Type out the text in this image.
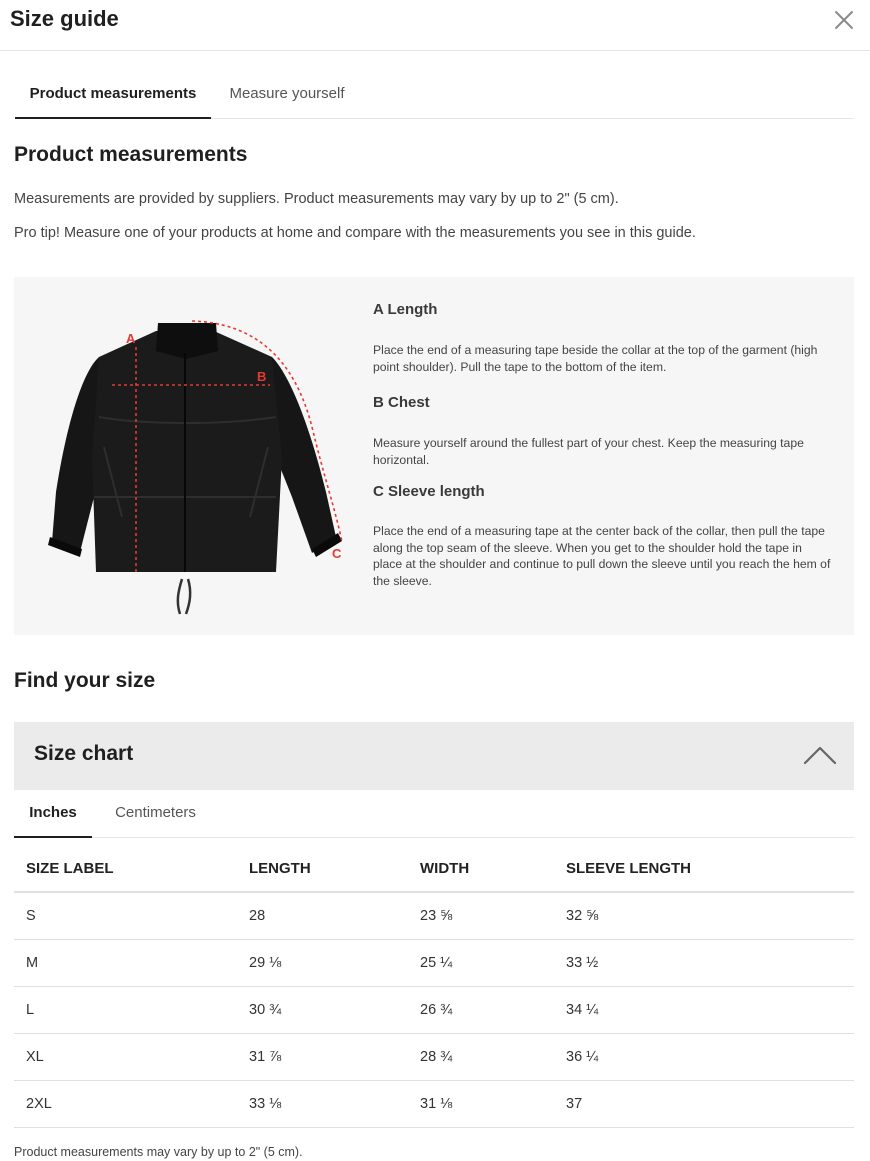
Size guide
Product measurements	Measure yourself
Product measurements
Measurements are provided by suppliers. Product measurements may vary by up to 2" (5 cm).
Pro tip! Measure one of your products at home and compare with the measurements you see in this guide.
A
B
C
A Length
Place the end of a measuring tape beside the collar at the top of the garment (high point shoulder). Pull the tape to the bottom of the item.
B Chest
Measure yourself around the fullest part of your chest. Keep the measuring tape horizontal.
C Sleeve length
Place the end of a measuring tape at the center back of the collar, then pull the tape along the top seam of the sleeve. When you get to the shoulder hold the tape in place at the shoulder and continue to pull down the sleeve until you reach the hem of the sleeve.
Find your size
Size chart
Inches	Centimeters
SIZE LABEL	LENGTH	WIDTH	SLEEVE LENGTH
S	28	23 ⅝	32 ⅝
M	29 ⅛	25 ¼	33 ½
L	30 ¾	26 ¾	34 ¼
XL	31 ⅞	28 ¾	36 ¼
2XL	33 ⅛	31 ⅛	37
Product measurements may vary by up to 2" (5 cm).
